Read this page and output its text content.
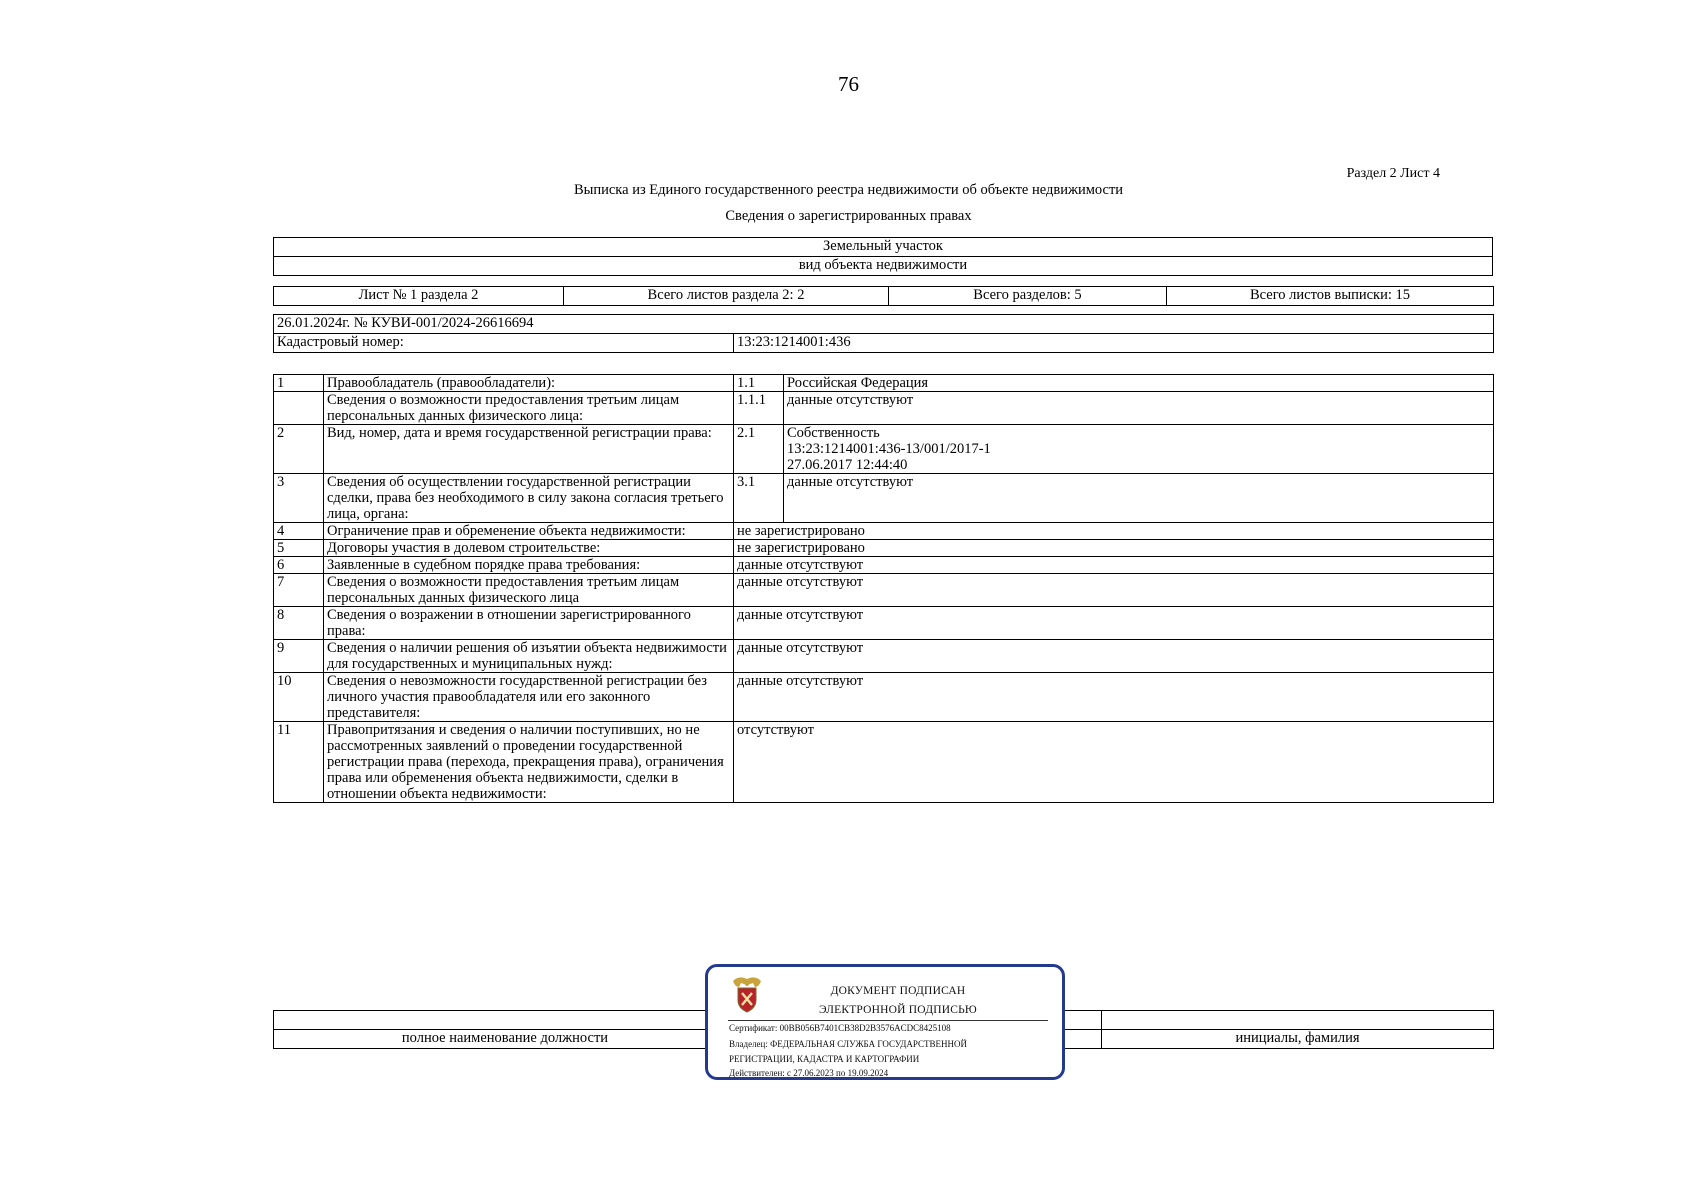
76
Раздел 2 Лист 4
Выписка из Единого государственного реестра недвижимости об объекте недвижимости
Сведения о зарегистрированных правах
Земельный участок
вид объекта недвижимости
Лист № 1 раздела 2	Всего листов раздела 2: 2	Всего разделов: 5	Всего листов выписки: 15
26.01.2024г. № КУВИ-001/2024-26616694
Кадастровый номер:	13:23:1214001:436
1	Правообладатель (правообладатели):	1.1	Российская Федерация
	Сведения о возможности предоставления третьим лицам персональных данных физического лица:	1.1.1	данные отсутствуют
2	Вид, номер, дата и время государственной регистрации права:	2.1	Собственность
13:23:1214001:436-13/001/2017-1
27.06.2017 12:44:40

3	Сведения об осуществлении государственной регистрации сделки, права без необходимого в силу закона согласия третьего лица, органа:	3.1	данные отсутствуют
4	Ограничение прав и обременение объекта недвижимости:	не зарегистрировано	
5	Договоры участия в долевом строительстве:	не зарегистрировано	
6	Заявленные в судебном порядке права требования:	данные отсутствуют	
7	Сведения о возможности предоставления третьим лицам персональных данных физического лица	данные отсутствуют	
8	Сведения о возражении в отношении зарегистрированного права:	данные отсутствуют	
9	Сведения о наличии решения об изъятии объекта недвижимости для государственных и муниципальных нужд:	данные отсутствуют	
10	Сведения о невозможности государственной регистрации без личного участия правообладателя или его законного представителя:	данные отсутствуют	
11	Правопритязания и сведения о наличии поступивших, но не рассмотренных заявлений о проведении государственной регистрации права (перехода, прекращения права), ограничения права или обременения объекта недвижимости, сделки в отношении объекта недвижимости:	отсутствуют	

полное наименование должности		инициалы, фамилия
ДОКУМЕНТ ПОДПИСАН
ЭЛЕКТРОННОЙ ПОДПИСЬЮ
Сертификат: 00BB056B7401CB38D2B3576ACDC8425108
Владелец: ФЕДЕРАЛЬНАЯ СЛУЖБА ГОСУДАРСТВЕННОЙ
РЕГИСТРАЦИИ, КАДАСТРА И КАРТОГРАФИИ
Действителен: с 27.06.2023 по 19.09.2024
